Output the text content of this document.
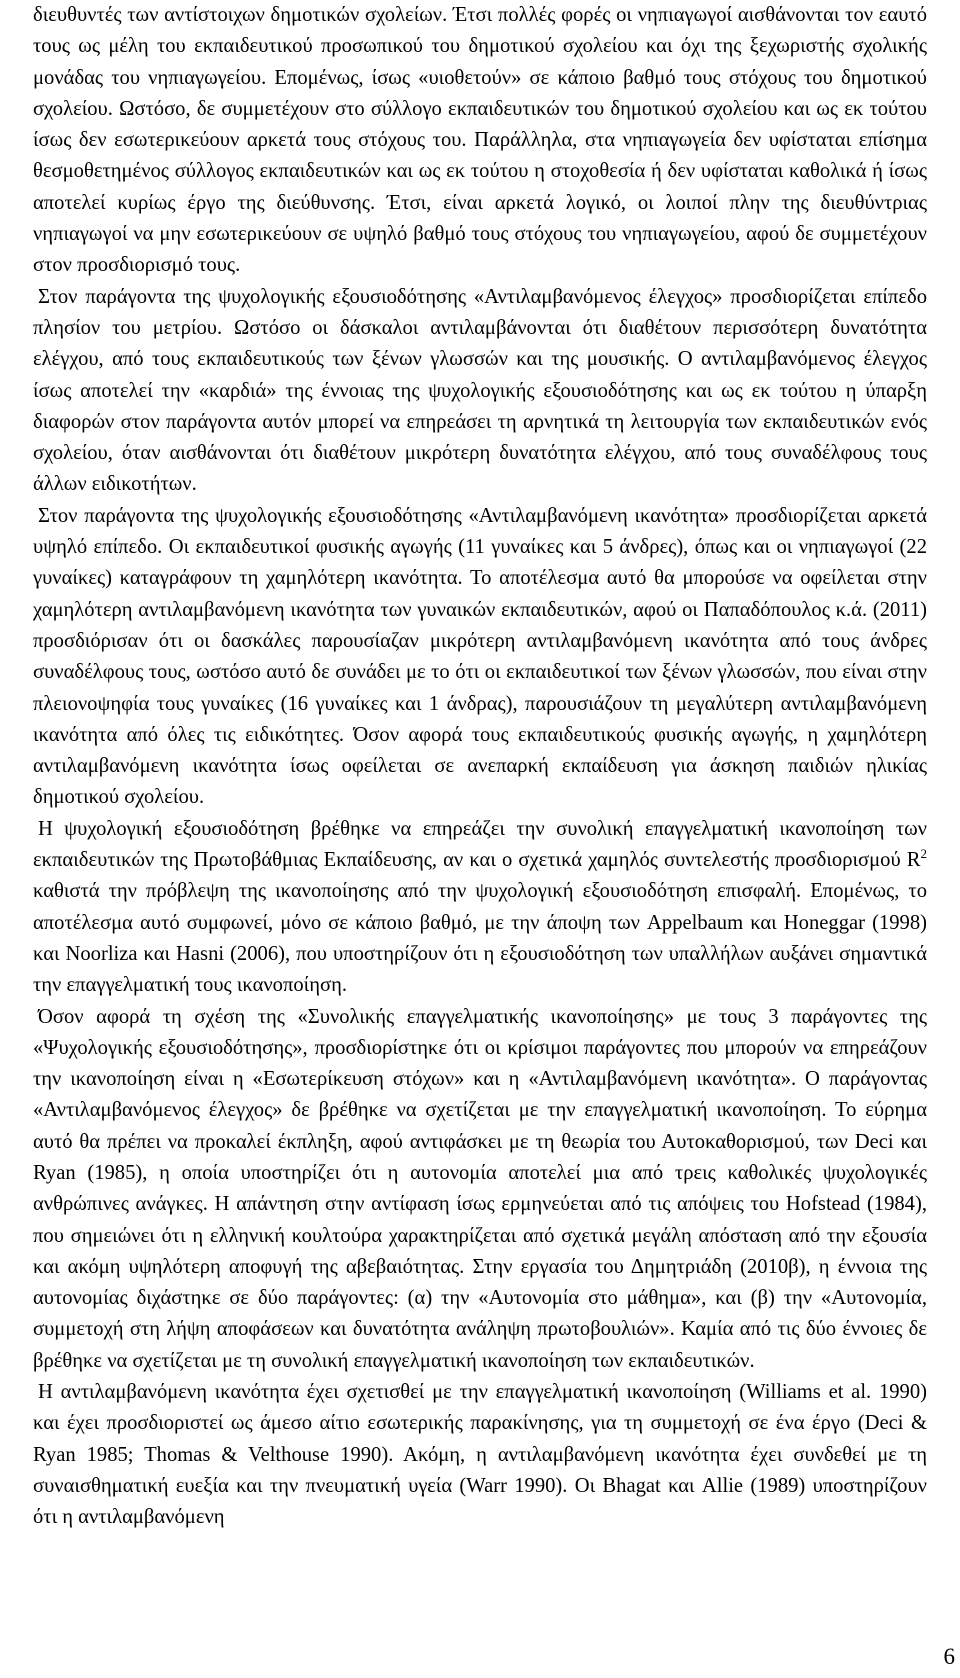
διευθυντές των αντίστοιχων δημοτικών σχολείων. Έτσι πολλές φορές οι νηπιαγωγοί αισθάνονται τον εαυτό τους ως μέλη του εκπαιδευτικού προσωπικού του δημοτικού σχολείου και όχι της ξεχωριστής σχολικής μονάδας του νηπιαγωγείου. Επομένως, ίσως «υιοθετούν» σε κάποιο βαθμό τους στόχους του δημοτικού σχολείου. Ωστόσο, δε συμμετέχουν στο σύλλογο εκπαιδευτικών του δημοτικού σχολείου και ως εκ τούτου ίσως δεν εσωτερικεύουν αρκετά τους στόχους του. Παράλληλα, στα νηπιαγωγεία δεν υφίσταται επίσημα θεσμοθετημένος σύλλογος εκπαιδευτικών και ως εκ τούτου η στοχοθεσία ή δεν υφίσταται καθολικά ή ίσως αποτελεί κυρίως έργο της διεύθυνσης. Έτσι, είναι αρκετά λογικό, οι λοιποί πλην της διευθύντριας νηπιαγωγοί να μην εσωτερικεύουν σε υψηλό βαθμό τους στόχους του νηπιαγωγείου, αφού δε συμμετέχουν στον προσδιορισμό τους.

Στον παράγοντα της ψυχολογικής εξουσιοδότησης «Αντιλαμβανόμενος έλεγχος» προσδιορίζεται επίπεδο πλησίον του μετρίου. Ωστόσο οι δάσκαλοι αντιλαμβάνονται ότι διαθέτουν περισσότερη δυνατότητα ελέγχου, από τους εκπαιδευτικούς των ξένων γλωσσών και της μουσικής. Ο αντιλαμβανόμενος έλεγχος ίσως αποτελεί την «καρδιά» της έννοιας της ψυχολογικής εξουσιοδότησης και ως εκ τούτου η ύπαρξη διαφορών στον παράγοντα αυτόν μπορεί να επηρεάσει τη αρνητικά τη λειτουργία των εκπαιδευτικών ενός σχολείου, όταν αισθάνονται ότι διαθέτουν μικρότερη δυνατότητα ελέγχου, από τους συναδέλφους τους άλλων ειδικοτήτων.

Στον παράγοντα της ψυχολογικής εξουσιοδότησης «Αντιλαμβανόμενη ικανότητα» προσδιορίζεται αρκετά υψηλό επίπεδο. Οι εκπαιδευτικοί φυσικής αγωγής (11 γυναίκες και 5 άνδρες), όπως και οι νηπιαγωγοί (22 γυναίκες) καταγράφουν τη χαμηλότερη ικανότητα. Το αποτέλεσμα αυτό θα μπορούσε να οφείλεται στην χαμηλότερη αντιλαμβανόμενη ικανότητα των γυναικών εκπαιδευτικών, αφού οι Παπαδόπουλος κ.ά. (2011) προσδιόρισαν ότι οι δασκάλες παρουσίαζαν μικρότερη αντιλαμβανόμενη ικανότητα από τους άνδρες συναδέλφους τους, ωστόσο αυτό δε συνάδει με το ότι οι εκπαιδευτικοί των ξένων γλωσσών, που είναι στην πλειονοψηφία τους γυναίκες (16 γυναίκες και 1 άνδρας), παρουσιάζουν τη μεγαλύτερη αντιλαμβανόμενη ικανότητα από όλες τις ειδικότητες. Όσον αφορά τους εκπαιδευτικούς φυσικής αγωγής, η χαμηλότερη αντιλαμβανόμενη ικανότητα ίσως οφείλεται σε ανεπαρκή εκπαίδευση για άσκηση παιδιών ηλικίας δημοτικού σχολείου.

Η ψυχολογική εξουσιοδότηση βρέθηκε να επηρεάζει την συνολική επαγγελματική ικανοποίηση των εκπαιδευτικών της Πρωτοβάθμιας Εκπαίδευσης, αν και ο σχετικά χαμηλός συντελεστής προσδιορισμού $R^2$ καθιστά την πρόβλεψη της ικανοποίησης από την ψυχολογική εξουσιοδότηση επισφαλή. Επομένως, το αποτέλεσμα αυτό συμφωνεί, μόνο σε κάποιο βαθμό, με την άποψη των Appelbaum και Honeggar (1998) και Noorliza και Hasni (2006), που υποστηρίζουν ότι η εξουσιοδότηση των υπαλλήλων αυξάνει σημαντικά την επαγγελματική τους ικανοποίηση.

Όσον αφορά τη σχέση της «Συνολικής επαγγελματικής ικανοποίησης» με τους 3 παράγοντες της «Ψυχολογικής εξουσιοδότησης», προσδιορίστηκε ότι οι κρίσιμοι παράγοντες που μπορούν να επηρεάζουν την ικανοποίηση είναι η «Εσωτερίκευση στόχων» και η «Αντιλαμβανόμενη ικανότητα». Ο παράγοντας «Αντιλαμβανόμενος έλεγχος» δε βρέθηκε να σχετίζεται με την επαγγελματική ικανοποίηση. Το εύρημα αυτό θα πρέπει να προκαλεί έκπληξη, αφού αντιφάσκει με τη θεωρία του Αυτοκαθορισμού, των Deci και Ryan (1985), η οποία υποστηρίζει ότι η αυτονομία αποτελεί μια από τρεις καθολικές ψυχολογικές ανθρώπινες ανάγκες. Η απάντηση στην αντίφαση ίσως ερμηνεύεται από τις απόψεις του Hofstead (1984), που σημειώνει ότι η ελληνική κουλτούρα χαρακτηρίζεται από σχετικά μεγάλη απόσταση από την εξουσία και ακόμη υψηλότερη αποφυγή της αβεβαιότητας. Στην εργασία του Δημητριάδη (2010β), η έννοια της αυτονομίας διχάστηκε σε δύο παράγοντες: (α) την «Αυτονομία στο μάθημα», και (β) την «Αυτονομία, συμμετοχή στη λήψη αποφάσεων και δυνατότητα ανάληψη πρωτοβουλιών». Καμία από τις δύο έννοιες δε βρέθηκε να σχετίζεται με τη συνολική επαγγελματική ικανοποίηση των εκπαιδευτικών.

Η αντιλαμβανόμενη ικανότητα έχει σχετισθεί με την επαγγελματική ικανοποίηση (Williams et al. 1990) και έχει προσδιοριστεί ως άμεσο αίτιο εσωτερικής παρακίνησης, για τη συμμετοχή σε ένα έργο (Deci & Ryan 1985; Thomas & Velthouse 1990). Ακόμη, η αντιλαμβανόμενη ικανότητα έχει συνδεθεί με τη συναισθηματική ευεξία και την πνευματική υγεία (Warr 1990). Οι Bhagat και Allie (1989) υποστηρίζουν ότι η αντιλαμβανόμενη

6
